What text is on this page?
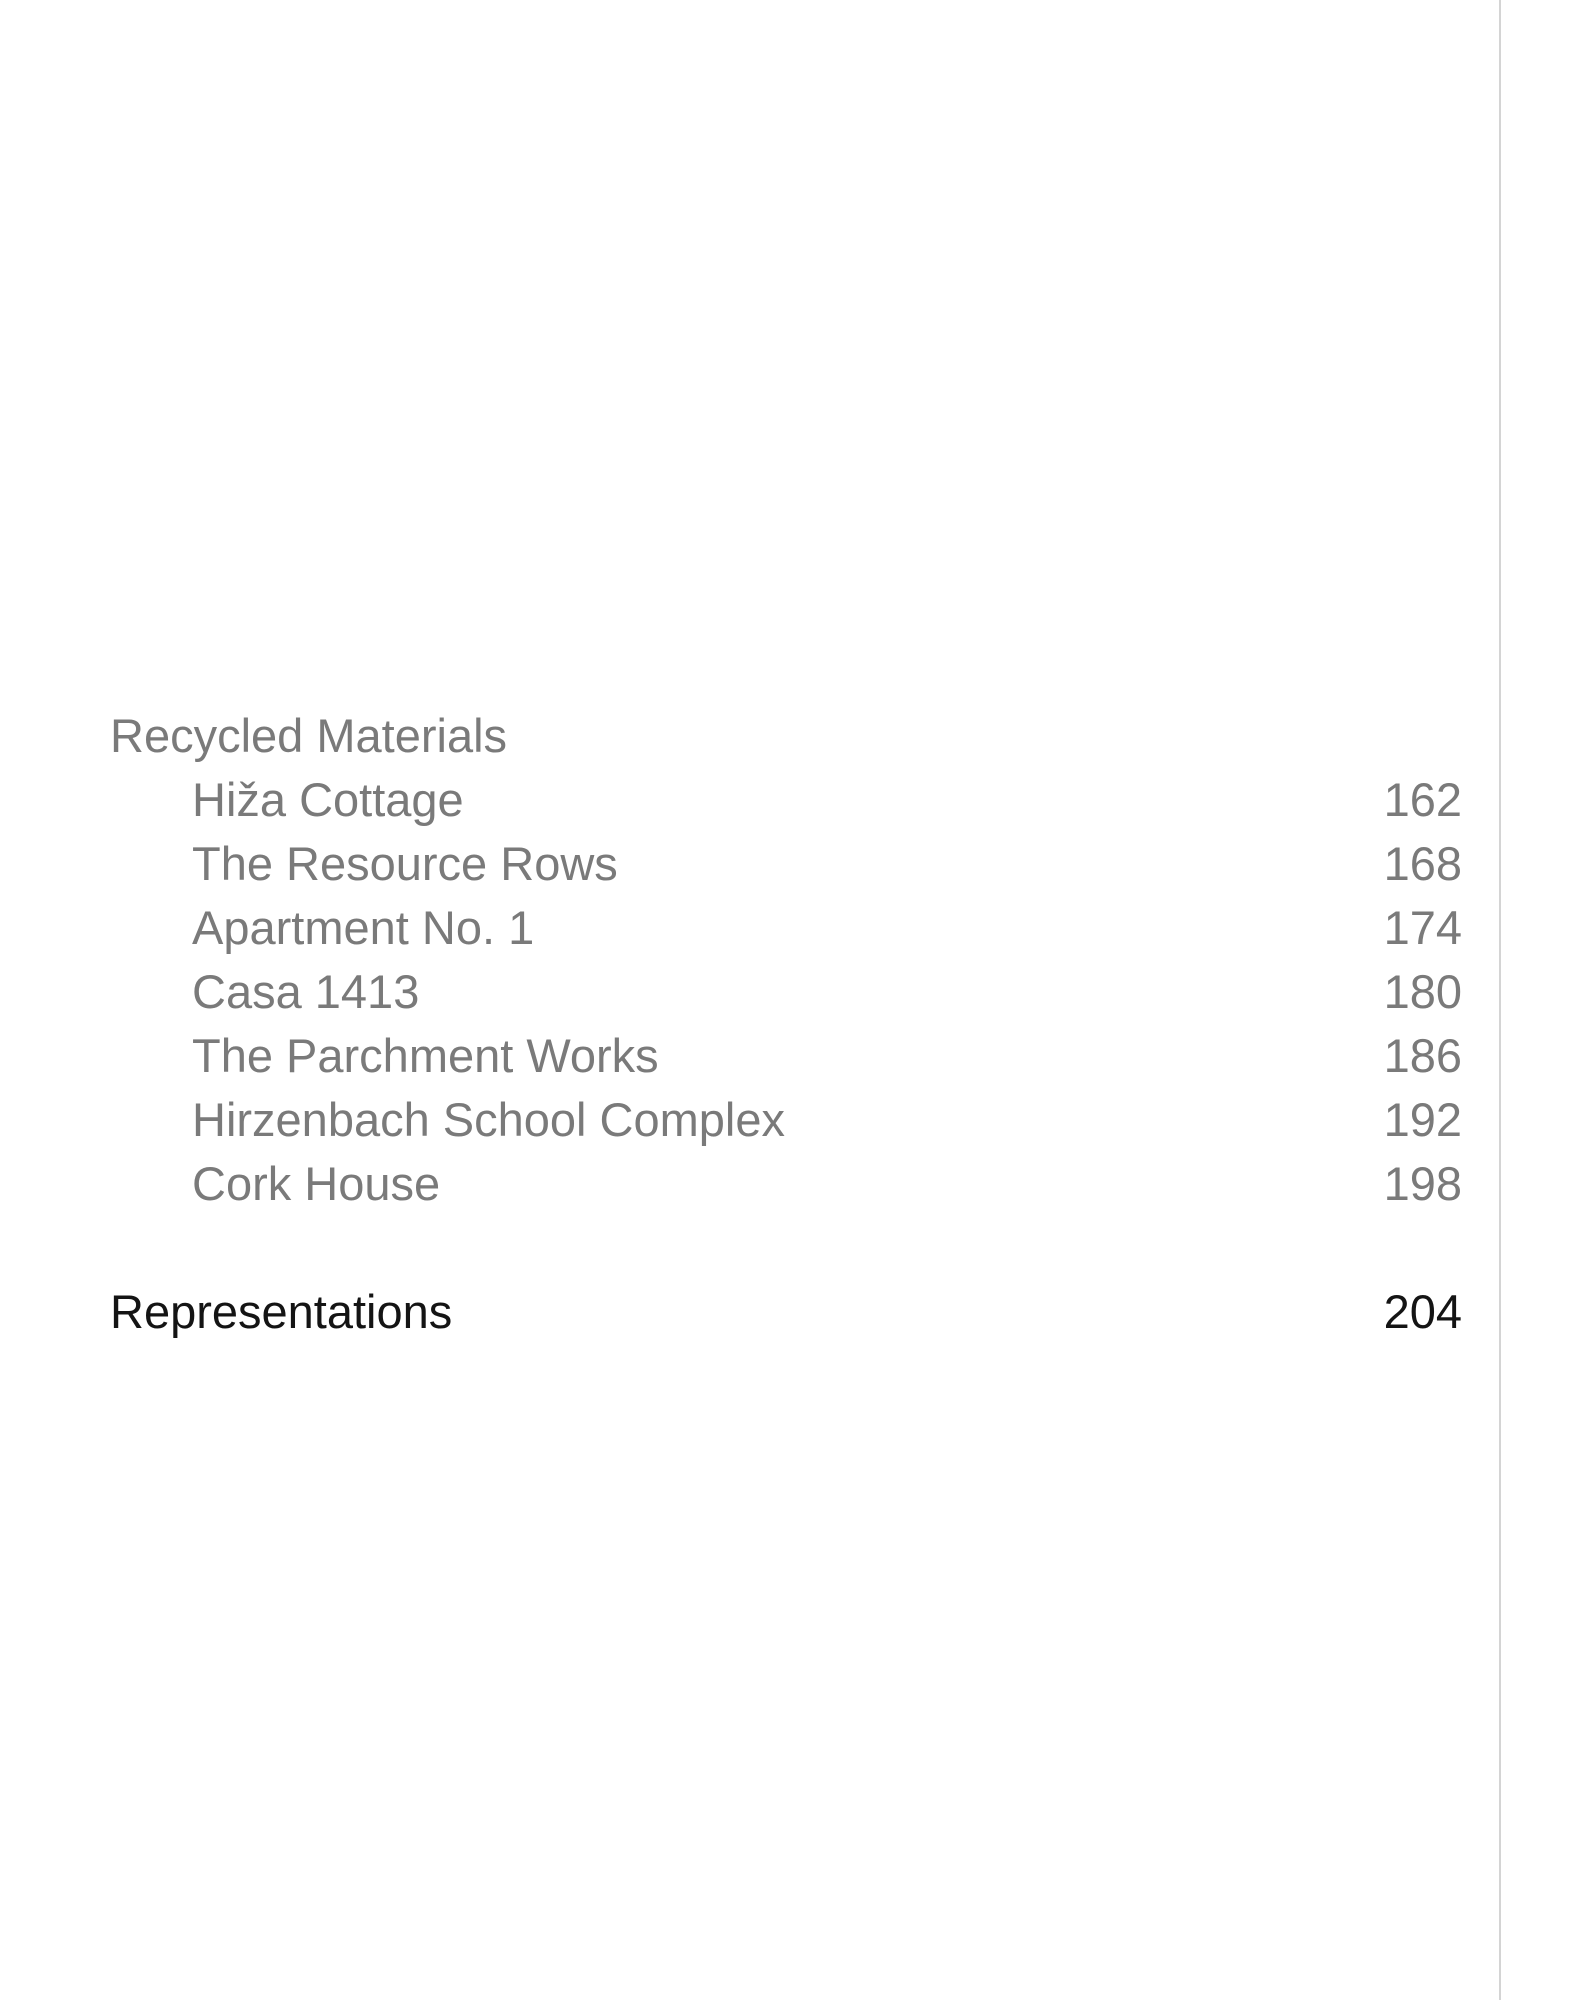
Recycled Materials
Hiža Cottage	162
The Resource Rows	168
Apartment No. 1	174
Casa 1413	180
The Parchment Works	186
Hirzenbach School Complex	192
Cork House	198
Representations	204
